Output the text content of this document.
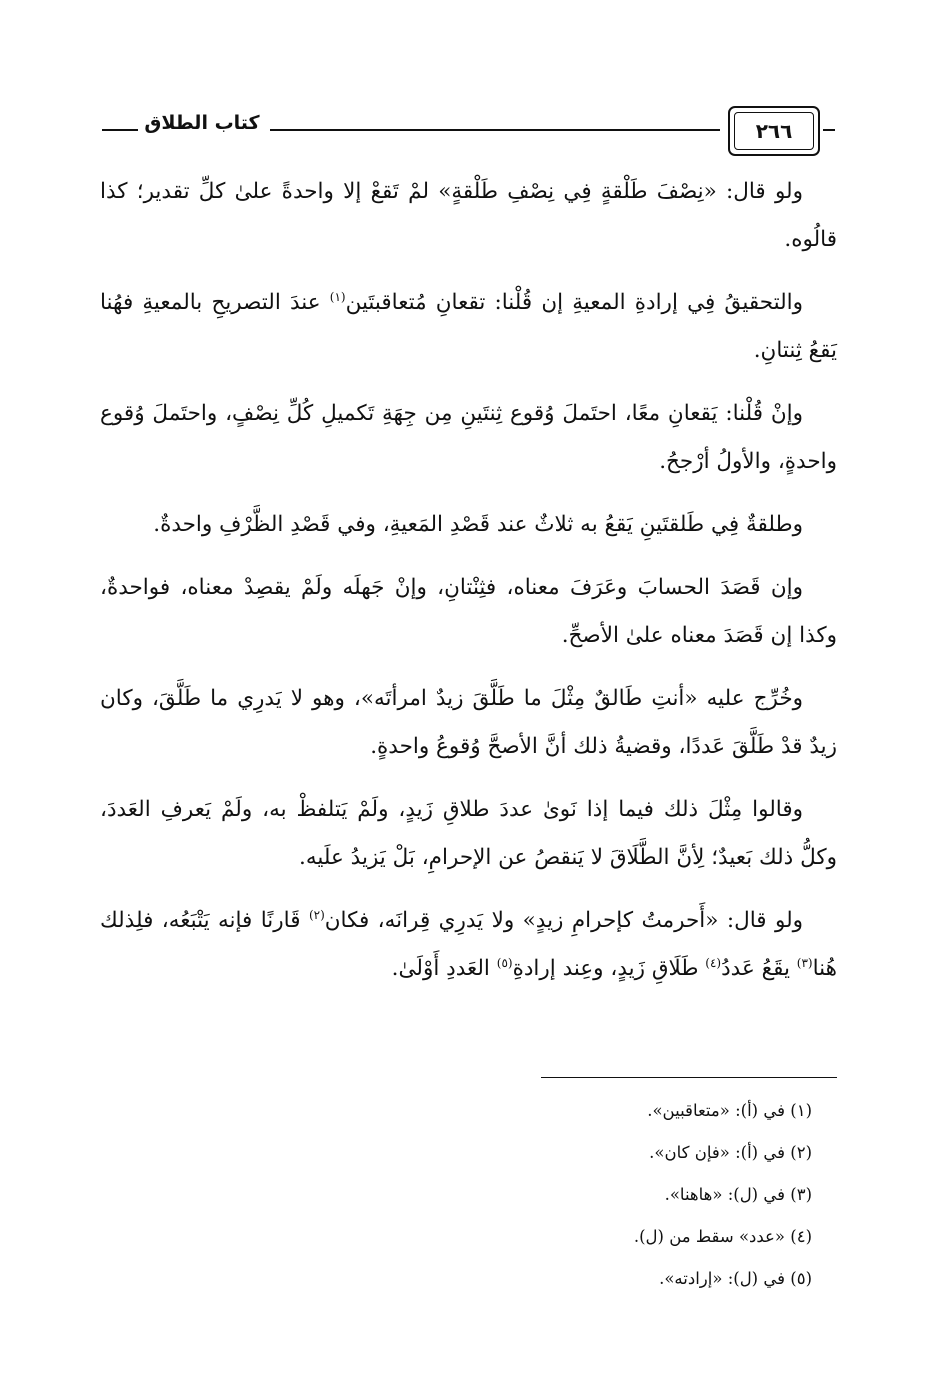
كتاب الطلاق	٢٦٦

ولو قال: «نِصْفَ طَلْقةٍ فِي نِصْفِ طَلْقةٍ» لمْ تَقعْ إلا واحدةً علىٰ كلِّ تقدير؛ كذا قالُوه.

والتحقيقُ فِي إرادةِ المعيةِ إن قُلْنا: تقعانِ مُتعاقبتَين$^{(١)}$ عندَ التصريحِ بالمعيةِ فهُنا يَقعُ ثِنتانِ.

وإنْ قُلْنا: يَقعانِ معًا، احتَملَ وُقوع ثِنتَينِ مِن جِهَةِ تَكميلِ كُلِّ نِصْفٍ، واحتَملَ وُقوع واحدةٍ، والأولُ أرْجحُ.

وطلقةٌ فِي طَلقتَينِ يَقعُ به ثلاثٌ عند قَصْدِ المَعيةِ، وفي قَصْدِ الظَّرْفِ واحدةٌ.

وإن قَصَدَ الحسابَ وعَرَفَ معناه، فثِنْتانِ، وإنْ جَهلَه ولَمْ يقصِدْ معناه، فواحدةٌ، وكذا إن قَصَدَ معناه علىٰ الأصحِّ.

وخُرِّج عليه «أنتِ طَالقٌ مِثْلَ ما طَلَّقَ زيدٌ امرأتَه»، وهو لا يَدرِي ما طَلَّقَ، وكان زيدٌ قدْ طَلَّقَ عَددًا، وقضيةُ ذلك أنَّ الأصحَّ وُقوعُ واحدةٍ.

وقالوا مِثْلَ ذلك فيما إذا نَوىٰ عددَ طلاقِ زَيدٍ، ولَمْ يَتلفظْ به، ولَمْ يَعرفِ العَددَ، وكلُّ ذلك بَعيدٌ؛ لِأنَّ الطَّلَاقَ لا يَنقصُ عن الإحرامِ، بَلْ يَزيدُ علَيه.

ولو قال: «أَحرمتُ كإحرامِ زيدٍ» ولا يَدرِي قِرانَه، فكان$^{(٢)}$ قَارنًا فإنه يَتْبَعُه، فلِذلك هُنا$^{(٣)}$ يقَعُ عَددُ$^{(٤)}$ طَلَاقِ زَيدٍ، وعِند إرادةِ$^{(٥)}$ العَددِ أَوْلَىٰ.

(١) في (أ): «متعاقبين».
(٢) في (أ): «فإن كان».
(٣) في (ل): «هاهنا».
(٤) «عدد» سقط من (ل).
(٥) في (ل): «إرادته».
